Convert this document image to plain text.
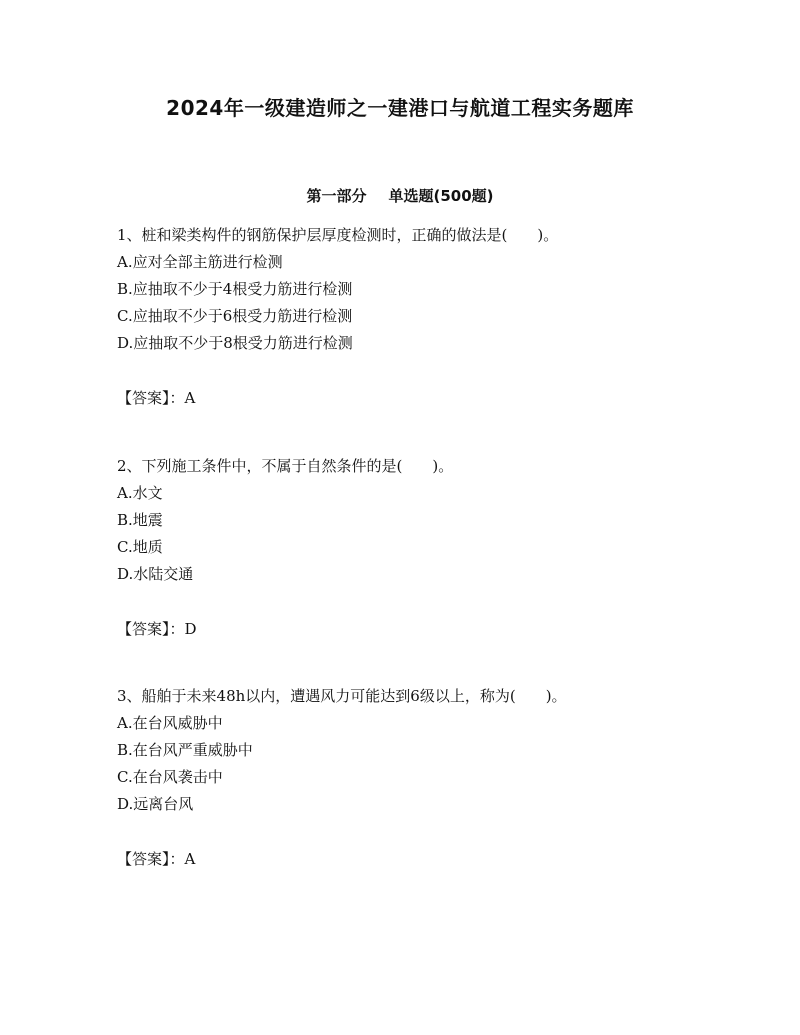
2024年一级建造师之一建港口与航道工程实务题库
第一部分 单选题(500题)
1、桩和梁类构件的钢筋保护层厚度检测时，正确的做法是(　　)。
A.应对全部主筋进行检测
B.应抽取不少于4根受力筋进行检测
C.应抽取不少于6根受力筋进行检测
D.应抽取不少于8根受力筋进行检测
【答案】：A
2、下列施工条件中，不属于自然条件的是(　　)。
A.水文
B.地震
C.地质
D.水陆交通
【答案】：D
3、船舶于未来48h以内，遭遇风力可能达到6级以上，称为(　　)。
A.在台风威胁中
B.在台风严重威胁中
C.在台风袭击中
D.远离台风
【答案】：A
